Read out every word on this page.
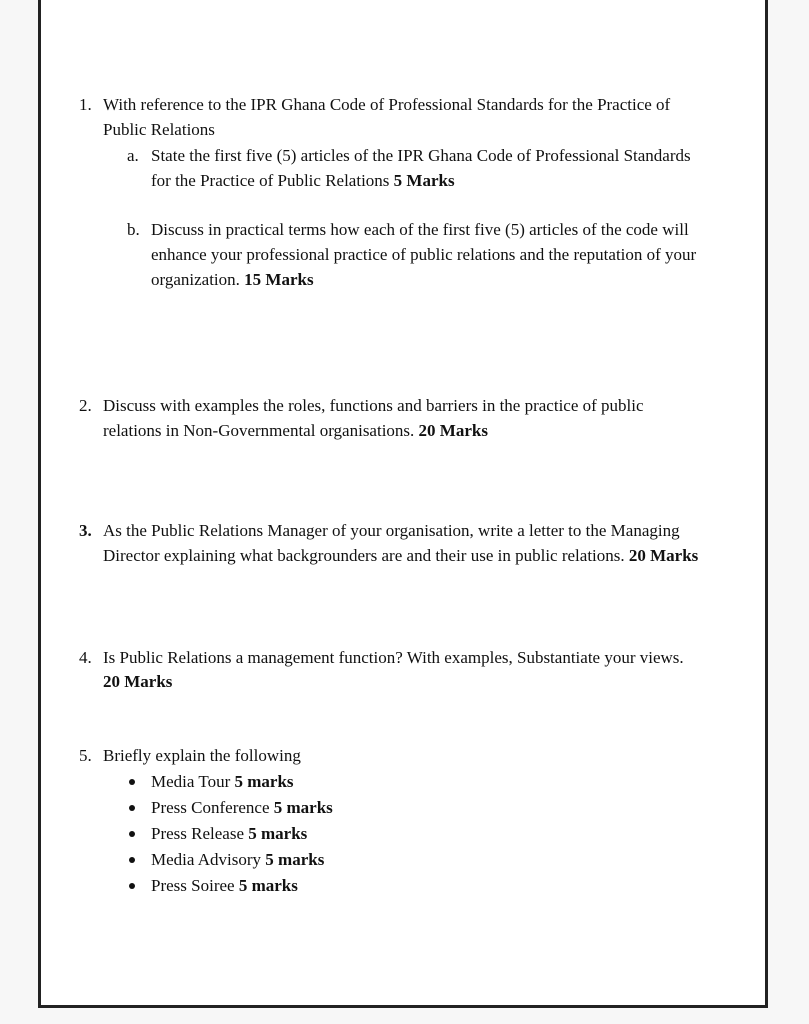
1. With reference to the IPR Ghana Code of Professional Standards for the Practice of
Public Relations
a. State the first five (5) articles of the IPR Ghana Code of Professional Standards
for the Practice of Public Relations 5 Marks
b. Discuss in practical terms how each of the first five (5) articles of the code will
enhance your professional practice of public relations and the reputation of your
organization. 15 Marks
2. Discuss with examples the roles, functions and barriers in the practice of public
relations in Non-Governmental organisations. 20 Marks
3. As the Public Relations Manager of your organisation, write a letter to the Managing
Director explaining what backgrounders are and their use in public relations. 20 Marks
4. Is Public Relations a management function? With examples, Substantiate your views.
20 Marks
5. Briefly explain the following
Media Tour 5 marks
Press Conference 5 marks
Press Release 5 marks
Media Advisory 5 marks
Press Soiree 5 marks
